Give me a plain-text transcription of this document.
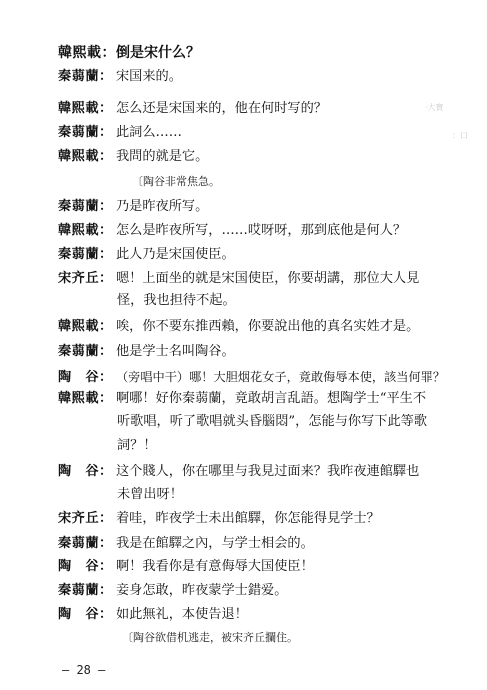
韓熙載：倒是宋什么？
秦蒻蘭： 宋国来的。
韓熙載： 怎么还是宋国来的，他在何时写的？
秦蒻蘭： 此詞么……
韓熙載： 我問的就是它。
〔陶谷非常焦急。
秦蒻蘭： 乃是昨夜所写。
韓熙載： 怎么是昨夜所写，……哎呀呀，那到底他是何人？
秦蒻蘭： 此人乃是宋国使臣。
宋齐丘： 嗯！上面坐的就是宋国使臣，你要胡講，那位大人見
怪，我也担待不起。
韓熙載： 唉，你不要东推西賴，你要說出他的真名实姓才是。
秦蒻蘭： 他是学士名叫陶谷。
陶　谷： （旁唱中干）哪！大胆烟花女子，竟敢侮辱本使，該当何罪？
韓熙載： 啊哪！好你秦蒻蘭，竟敢胡言乱語。想陶学士“平生不
听歌唱，听了歌唱就头昏腦悶”，怎能与你写下此等歌
詞？！
陶　谷： 这个賤人，你在哪里与我見过面来？我昨夜連館驛也
未曾出呀！
宋齐丘： 着哇，昨夜学士未出館驛，你怎能得見学士？
秦蒻蘭： 我是在館驛之內，与学士相会的。
陶　谷： 啊！我看你是有意侮辱大国使臣！
秦蒻蘭： 妾身怎敢，昨夜蒙学士錯爱。
陶　谷： 如此無礼，本使告退！
〔陶谷欲借机逃走，被宋齐丘攔住。
— 28 —
·大寶
：口
